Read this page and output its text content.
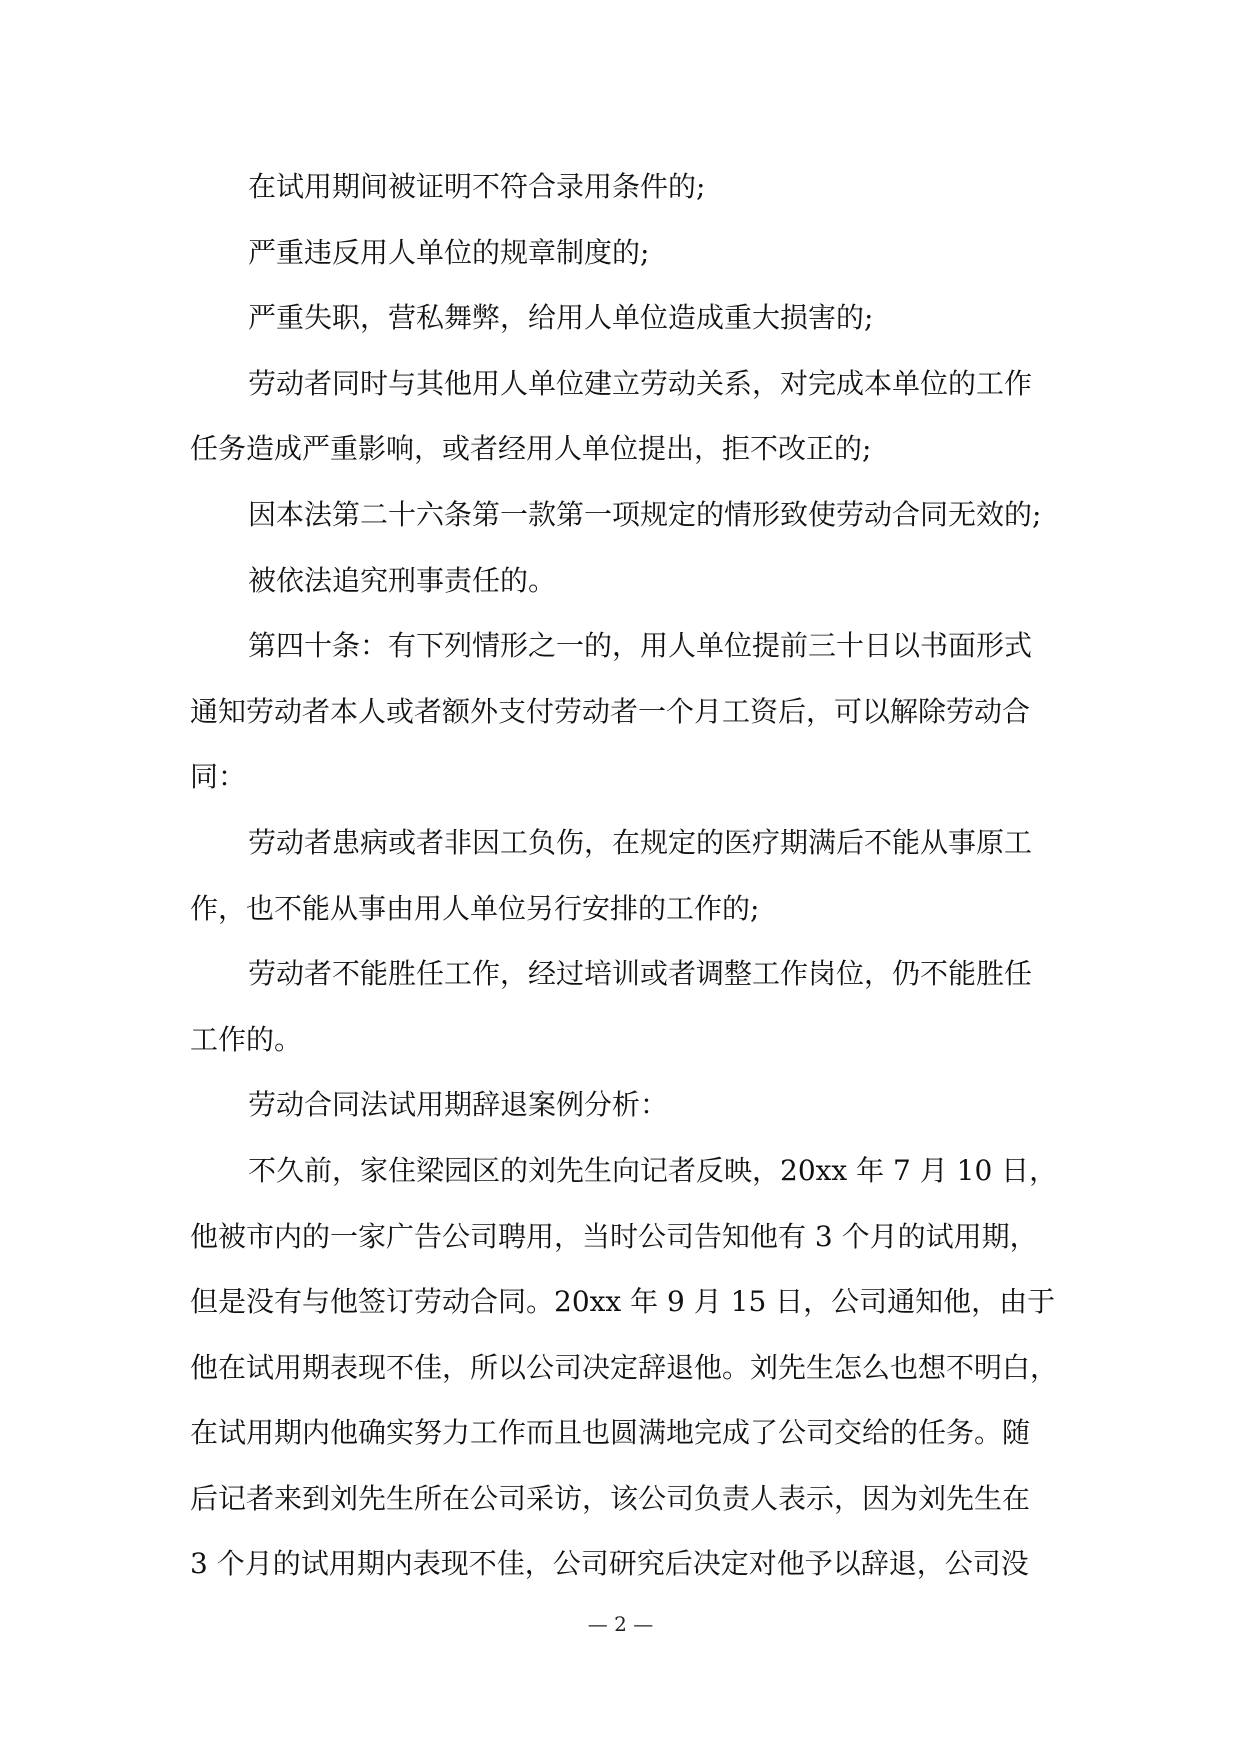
在试用期间被证明不符合录用条件的;

严重违反用人单位的规章制度的;

严重失职，营私舞弊，给用人单位造成重大损害的;

劳动者同时与其他用人单位建立劳动关系，对完成本单位的工作
任务造成严重影响，或者经用人单位提出，拒不改正的;

因本法第二十六条第一款第一项规定的情形致使劳动合同无效的;

被依法追究刑事责任的。

第四十条：有下列情形之一的，用人单位提前三十日以书面形式
通知劳动者本人或者额外支付劳动者一个月工资后，可以解除劳动合
同：

劳动者患病或者非因工负伤，在规定的医疗期满后不能从事原工
作，也不能从事由用人单位另行安排的工作的;

劳动者不能胜任工作，经过培训或者调整工作岗位，仍不能胜任
工作的。

劳动合同法试用期辞退案例分析：

不久前，家住梁园区的刘先生向记者反映，20xx 年 7 月 10 日，
他被市内的一家广告公司聘用，当时公司告知他有 3 个月的试用期，
但是没有与他签订劳动合同。20xx 年 9 月 15 日，公司通知他，由于
他在试用期表现不佳，所以公司决定辞退他。刘先生怎么也想不明白，
在试用期内他确实努力工作而且也圆满地完成了公司交给的任务。随
后记者来到刘先生所在公司采访，该公司负责人表示，因为刘先生在
3 个月的试用期内表现不佳，公司研究后决定对他予以辞退，公司没

— 2 —
